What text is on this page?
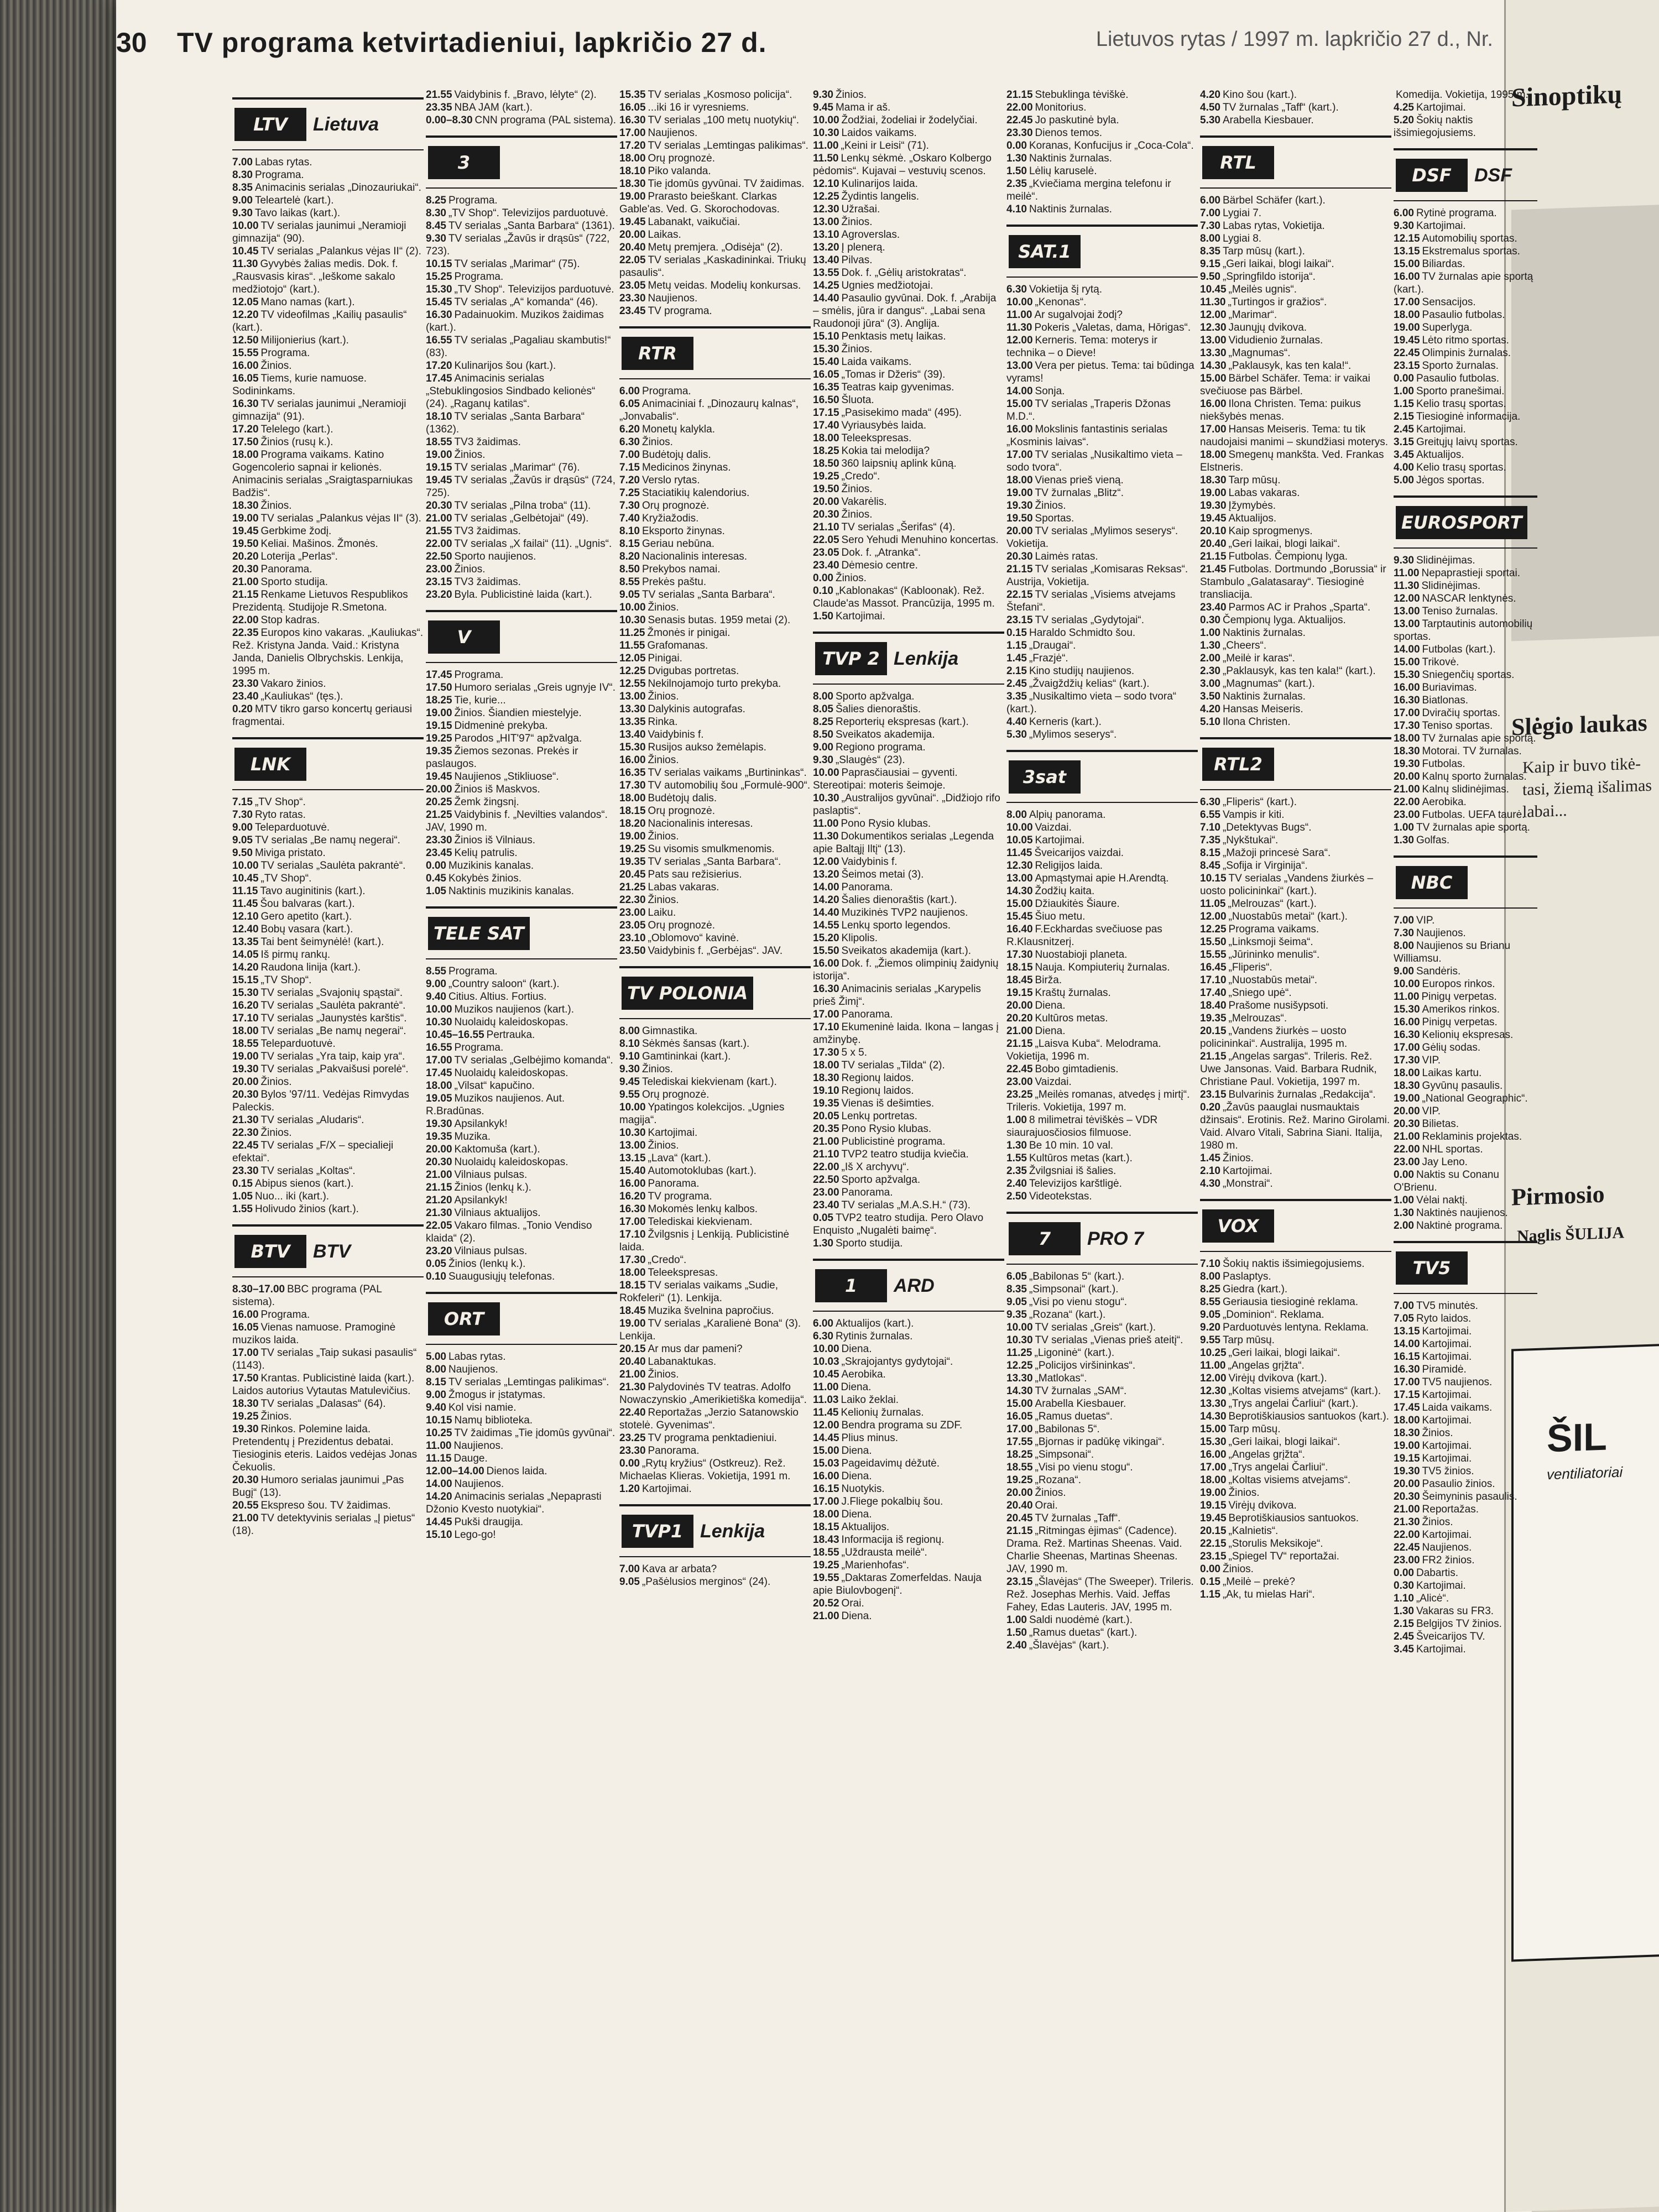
Sinoptikų
Slėgio laukas
Kaip ir buvo tikėtasi, žiemą išalimas labai...
Pirmosio
Naglis ŠULIJA
ŠIL
ventiliatoriai
30 TV programa ketvirtadieniui, lapkričio 27 d.	Lietuvos rytas / 1997 m. lapkričio 27 d., Nr.
LTV	Lietuva

7.00 Labas rytas.

8.30 Programa.

8.35 Animacinis serialas „Dinozauriukai“.

9.00 Teleartelė (kart.).

9.30 Tavo laikas (kart.).

10.00 TV serialas jaunimui „Neramioji gimnazija“ (90).

10.45 TV serialas „Palankus vėjas II“ (2).

11.30 Gyvybės žalias medis. Dok. f. „Rausvasis kiras“. „Ieškome sakalo medžiotojo“ (kart.).

12.05 Mano namas (kart.).

12.20 TV videofilmas „Kailių pasaulis“ (kart.).

12.50 Milijonierius (kart.).

15.55 Programa.

16.00 Žinios.

16.05 Tiems, kurie namuose. Sodininkams.

16.30 TV serialas jaunimui „Neramioji gimnazija“ (91).

17.20 Telelego (kart.).

17.50 Žinios (rusų k.).

18.00 Programa vaikams. Katino Gogencolerio sapnai ir kelionės. Animacinis serialas „Sraigtasparniukas Badžis“.

18.30 Žinios.

19.00 TV serialas „Palankus vėjas II“ (3).

19.45 Gerbkime žodį.

19.50 Keliai. Mašinos. Žmonės.

20.20 Loterija „Perlas“.

20.30 Panorama.

21.00 Sporto studija.

21.15 Renkame Lietuvos Respublikos Prezidentą. Studijoje R.Smetona.

22.00 Stop kadras.

22.35 Europos kino vakaras. „Kauliukas“. Rež. Kristyna Janda. Vaid.: Kristyna Janda, Danielis Olbrychskis. Lenkija, 1995 m.

23.30 Vakaro žinios.

23.40 „Kauliukas“ (tęs.).

0.20 MTV tikro garso koncertų geriausi fragmentai.

LNK

7.15 „TV Shop“.

7.30 Ryto ratas.

9.00 Teleparduotuvė.

9.05 TV serialas „Be namų negerai“.

9.50 Miviga pristato.

10.00 TV serialas „Saulėta pakrantė“.

10.45 „TV Shop“.

11.15 Tavo auginitinis (kart.).

11.45 Šou balvaras (kart.).

12.10 Gero apetito (kart.).

12.40 Bobų vasara (kart.).

13.35 Tai bent šeimynėlė! (kart.).

14.05 Iš pirmų rankų.

14.20 Raudona linija (kart.).

15.15 „TV Shop“.

15.30 TV serialas „Svajonių spąstai“.

16.20 TV serialas „Saulėta pakrantė“.

17.10 TV serialas „Jaunystės karštis“.

18.00 TV serialas „Be namų negerai“.

18.55 Teleparduotuvė.

19.00 TV serialas „Yra taip, kaip yra“.

19.30 TV serialas „Pakvaišusi porelė“.

20.00 Žinios.

20.30 Bylos '97/11. Vedėjas Rimvydas Paleckis.

21.30 TV serialas „Aludaris“.

22.30 Žinios.

22.45 TV serialas „F/X – specialieji efektai“.

23.30 TV serialas „Koltas“.

0.15 Abipus sienos (kart.).

1.05 Nuo... iki (kart.).

1.55 Holivudo žinios (kart.).

BTV	BTV

8.30–17.00 BBC programa (PAL sistema).

16.00 Programa.

16.05 Vienas namuose. Pramoginė muzikos laida.

17.00 TV serialas „Taip sukasi pasaulis“ (1143).

17.50 Krantas. Publicistinė laida (kart.). Laidos autorius Vytautas Matulevičius.

18.30 TV serialas „Dalasas“ (64).

19.25 Žinios.

19.30 Rinkos. Polemine laida. Pretendentų į Prezidentus debatai. Tiesioginis eteris. Laidos vedėjas Jonas Čekuolis.

20.30 Humoro serialas jaunimui „Pas Bugį“ (13).

20.55 Ekspreso šou. TV žaidimas.

21.00 TV detektyvinis serialas „Į pietus“ (18).

21.55 Vaidybinis f. „Bravo, lėlyte“ (2).

23.35 NBA JAM (kart.).

0.00–8.30 CNN programa (PAL sistema).

3

8.25 Programa.

8.30 „TV Shop“. Televizijos parduotuvė.

8.45 TV serialas „Santa Barbara“ (1361).

9.30 TV serialas „Žavūs ir drąsūs“ (722, 723).

10.15 TV serialas „Marimar“ (75).

15.25 Programa.

15.30 „TV Shop“. Televizijos parduotuvė.

15.45 TV serialas „A“ komanda“ (46).

16.30 Padainuokim. Muzikos žaidimas (kart.).

16.55 TV serialas „Pagaliau skambutis!“ (83).

17.20 Kulinarijos šou (kart.).

17.45 Animacinis serialas „Stebuklingosios Sindbado kelionės“ (24). „Raganų katilas“.

18.10 TV serialas „Santa Barbara“ (1362).

18.55 TV3 žaidimas.

19.00 Žinios.

19.15 TV serialas „Marimar“ (76).

19.45 TV serialas „Žavūs ir drąsūs“ (724, 725).

20.30 TV serialas „Pilna troba“ (11).

21.00 TV serialas „Gelbėtojai“ (49).

21.55 TV3 žaidimas.

22.00 TV serialas „X failai“ (11). „Ugnis“.

22.50 Sporto naujienos.

23.00 Žinios.

23.15 TV3 žaidimas.

23.20 Byla. Publicistinė laida (kart.).

V

17.45 Programa.

17.50 Humoro serialas „Greis ugnyje IV“.

18.25 Tie, kurie...

19.00 Žinios. Šiandien miestelyje.

19.15 Didmeninė prekyba.

19.25 Parodos „HIT'97“ apžvalga.

19.35 Žiemos sezonas. Prekės ir paslaugos.

19.45 Naujienos „Stikliuose“.

20.00 Žinios iš Maskvos.

20.25 Žemk žingsnį.

21.25 Vaidybinis f. „Nevilties valandos“. JAV, 1990 m.

23.30 Žinios iš Vilniaus.

23.45 Kelių patrulis.

0.00 Muzikinis kanalas.

0.45 Kokybės žinios.

1.05 Naktinis muzikinis kanalas.

TELE SAT

8.55 Programa.

9.00 „Country saloon“ (kart.).

9.40 Citius. Altius. Fortius.

10.00 Muzikos naujienos (kart.).

10.30 Nuolaidų kaleidoskopas.

10.45–16.55 Pertrauka.

16.55 Programa.

17.00 TV serialas „Gelbėjimo komanda“.

17.45 Nuolaidų kaleidoskopas.

18.00 „Vilsat“ kapučino.

19.05 Muzikos naujienos. Aut. R.Bradūnas.

19.30 Apsilankyk!

19.35 Muzika.

20.00 Kaktomuša (kart.).

20.30 Nuolaidų kaleidoskopas.

21.00 Vilniaus pulsas.

21.15 Žinios (lenkų k.).

21.20 Apsilankyk!

21.30 Vilniaus aktualijos.

22.05 Vakaro filmas. „Tonio Vendiso klaida“ (2).

23.20 Vilniaus pulsas.

0.05 Žinios (lenkų k.).

0.10 Suaugusiųjų telefonas.

ORT

5.00 Labas rytas.

8.00 Naujienos.

8.15 TV serialas „Lemtingas palikimas“.

9.00 Žmogus ir įstatymas.

9.40 Kol visi namie.

10.15 Namų biblioteka.

10.25 TV žaidimas „Tie įdomūs gyvūnai“.

11.00 Naujienos.

11.15 Dauge.

12.00–14.00 Dienos laida.

14.00 Naujienos.

14.20 Animacinis serialas „Nepaprasti Džonio Kvesto nuotykiai“.

14.45 Pukši draugija.

15.10 Lego-go!

15.35 TV serialas „Kosmoso policija“.

16.05 ...iki 16 ir vyresniems.

16.30 TV serialas „100 metų nuotykių“.

17.00 Naujienos.

17.20 TV serialas „Lemtingas palikimas“.

18.00 Orų prognozė.

18.10 Piko valanda.

18.30 Tie įdomūs gyvūnai. TV žaidimas.

19.00 Prarasto beieškant. Clarkas Gable'as. Ved. G. Skorochodovas.

19.45 Labanakt, vaikučiai.

20.00 Laikas.

20.40 Metų premjera. „Odisėja“ (2).

22.05 TV serialas „Kaskadininkai. Triukų pasaulis“.

23.05 Metų veidas. Modelių konkursas.

23.30 Naujienos.

23.45 TV programa.

RTR

6.00 Programa.

6.05 Animaciniai f. „Dinozaurų kalnas“, „Jonvabalis“.

6.20 Monetų kalykla.

6.30 Žinios.

7.00 Budėtojų dalis.

7.15 Medicinos žinynas.

7.20 Verslo rytas.

7.25 Staciatikių kalendorius.

7.30 Orų prognozė.

7.40 Kryžiažodis.

8.10 Eksporto žinynas.

8.15 Geriau nebūna.

8.20 Nacionalinis interesas.

8.50 Prekybos namai.

8.55 Prekės paštu.

9.05 TV serialas „Santa Barbara“.

10.00 Žinios.

10.30 Senasis butas. 1959 metai (2).

11.25 Žmonės ir pinigai.

11.55 Grafomanas.

12.05 Pinigai.

12.25 Dvigubas portretas.

12.55 Nekilnojamojo turto prekyba.

13.00 Žinios.

13.30 Dalykinis autografas.

13.35 Rinka.

13.40 Vaidybinis f.

15.30 Rusijos aukso žemėlapis.

16.00 Žinios.

16.35 TV serialas vaikams „Burtininkas“.

17.30 TV automobilių šou „Formulė-900“.

18.00 Budėtojų dalis.

18.15 Orų prognozė.

18.20 Nacionalinis interesas.

19.00 Žinios.

19.25 Su visomis smulkmenomis.

19.35 TV serialas „Santa Barbara“.

20.45 Pats sau režisierius.

21.25 Labas vakaras.

22.30 Žinios.

23.00 Laiku.

23.05 Orų prognozė.

23.10 „Oblomovo“ kavinė.

23.50 Vaidybinis f. „Gerbėjas“. JAV.

TV POLONIA

8.00 Gimnastika.

8.10 Sėkmės šansas (kart.).

9.10 Gamtininkai (kart.).

9.30 Žinios.

9.45 Telediskai kiekvienam (kart.).

9.55 Orų prognozė.

10.00 Ypatingos kolekcijos. „Ugnies magija“.

10.30 Kartojimai.

13.00 Žinios.

13.15 „Lava“ (kart.).

15.40 Automotoklubas (kart.).

16.00 Panorama.

16.20 TV programa.

16.30 Mokomės lenkų kalbos.

17.00 Telediskai kiekvienam.

17.10 Žvilgsnis į Lenkiją. Publicistinė laida.

17.30 „Credo“.

18.00 Teleekspresas.

18.15 TV serialas vaikams „Sudie, Rokfeleri“ (1). Lenkija.

18.45 Muzika švelnina papročius.

19.00 TV serialas „Karalienė Bona“ (3). Lenkija.

20.15 Ar mus dar pameni?

20.40 Labanaktukas.

21.00 Žinios.

21.30 Palydovinės TV teatras. Adolfo Nowaczynskio „Amerikietiška komedija“.

22.40 Reportažas „Jerzio Satanowskio stotelė. Gyvenimas“.

23.25 TV programa penktadieniui.

23.30 Panorama.

0.00 „Rytų kryžius“ (Ostkreuz). Rež. Michaelas Klieras. Vokietija, 1991 m.

1.20 Kartojimai.

TVP1 Lenkija

7.00 Kava ar arbata?

9.05 „Pašėlusios merginos“ (24).

9.30 Žinios.

9.45 Mama ir aš.

10.00 Žodžiai, žodeliai ir žodelyčiai.

10.30 Laidos vaikams.

11.00 „Keini ir Leisi“ (71).

11.50 Lenkų sėkmė. „Oskaro Kolbergo pėdomis“. Kujavai – vestuvių scenos.

12.10 Kulinarijos laida.

12.25 Žydintis langelis.

12.30 Užrašai.

13.00 Žinios.

13.10 Agroverslas.

13.20 Į plenerą.

13.40 Pilvas.

13.55 Dok. f. „Gėlių aristokratas“.

14.25 Ugnies medžiotojai.

14.40 Pasaulio gyvūnai. Dok. f. „Arabija – smėlis, jūra ir dangus“. „Labai sena Raudonoji jūra“ (3). Anglija.

15.10 Penktasis metų laikas.

15.30 Žinios.

15.40 Laida vaikams.

16.05 „Tomas ir Džeris“ (39).

16.35 Teatras kaip gyvenimas.

16.50 Šluota.

17.15 „Pasisekimo mada“ (495).

17.40 Vyriausybės laida.

18.00 Teleekspresas.

18.25 Kokia tai melodija?

18.50 360 laipsnių aplink kūną.

19.25 „Credo“.

19.50 Žinios.

20.00 Vakarėlis.

20.30 Žinios.

21.10 TV serialas „Šerifas“ (4).

22.05 Sero Yehudi Menuhino koncertas.

23.05 Dok. f. „Atranka“.

23.40 Dėmesio centre.

0.00 Žinios.

0.10 „Kablonakas“ (Kabloonak). Rež. Claude'as Massot. Prancūzija, 1995 m.

1.50 Kartojimai.

TVP 2 Lenkija

8.00 Sporto apžvalga.

8.05 Šalies dienoraštis.

8.25 Reporterių ekspresas (kart.).

8.50 Sveikatos akademija.

9.00 Regiono programa.

9.30 „Slaugės“ (23).

10.00 Paprasčiausiai – gyventi. Stereotipai: moteris šeimoje.

10.30 „Australijos gyvūnai“. „Didžiojo rifo paslaptis“.

11.00 Pono Rysio klubas.

11.30 Dokumentikos serialas „Legenda apie Baltąjį Iltį“ (13).

12.00 Vaidybinis f.

13.20 Šeimos metai (3).

14.00 Panorama.

14.20 Šalies dienoraštis (kart.).

14.40 Muzikinės TVP2 naujienos.

14.55 Lenkų sporto legendos.

15.20 Klipolis.

15.50 Sveikatos akademija (kart.).

16.00 Dok. f. „Žiemos olimpinių žaidynių istorija“.

16.30 Animacinis serialas „Karypelis prieš Žimį“.

17.00 Panorama.

17.10 Ekumeninė laida. Ikona – langas į amžinybę.

17.30 5 x 5.

18.00 TV serialas „Tilda“ (2).

18.30 Regionų laidos.

19.10 Regionų laidos.

19.35 Vienas iš dešimties.

20.05 Lenkų portretas.

20.35 Pono Rysio klubas.

21.00 Publicistinė programa.

21.10 TVP2 teatro studija kviečia.

22.00 „Iš X archyvų“.

22.50 Sporto apžvalga.

23.00 Panorama.

23.40 TV serialas „M.A.S.H.“ (73).

0.05 TVP2 teatro studija. Pero Olavo Enquisto „Nugalėti baimę“.

1.30 Sporto studija.

1	ARD

6.00 Aktualijos (kart.).

6.30 Rytinis žurnalas.

10.00 Diena.

10.03 „Skrajojantys gydytojai“.

10.45 Aerobika.

11.00 Diena.

11.03 Laiko žeklai.

11.45 Kelionių žurnalas.

12.00 Bendra programa su ZDF.

14.45 Plius minus.

15.00 Diena.

15.03 Pageidavimų dėžutė.

16.00 Diena.

16.15 Nuotykis.

17.00 J.Fliege pokalbių šou.

18.00 Diena.

18.15 Aktualijos.

18.43 Informacija iš regionų.

18.55 „Uždrausta meilė“.

19.25 „Marienhofas“.

19.55 „Daktaras Zomerfeldas. Nauja apie Biulovbogenį“.

20.52 Orai.

21.00 Diena.

21.15 Stebuklinga tėviškė.

22.00 Monitorius.

22.45 Jo paskutinė byla.

23.30 Dienos temos.

0.00 Koranas, Konfucijus ir „Coca-Cola“.

1.30 Naktinis žurnalas.

1.50 Lėlių karuselė.

2.35 „Kviečiama mergina telefonu ir meilė“.

4.10 Naktinis žurnalas.

SAT.1

6.30 Vokietija šį rytą.

10.00 „Kenonas“.

11.00 Ar sugalvojai žodį?

11.30 Pokeris „Valetas, dama, Hōrigas“.

12.00 Kerneris. Tema: moterys ir technika – o Dieve!

13.00 Vera per pietus. Tema: tai būdinga vyrams!

14.00 Sonja.

15.00 TV serialas „Traperis Džonas M.D.“.

16.00 Mokslinis fantastinis serialas „Kosminis laivas“.

17.00 TV serialas „Nusikaltimo vieta – sodo tvora“.

18.00 Vienas prieš vieną.

19.00 TV žurnalas „Blitz“.

19.30 Žinios.

19.50 Sportas.

20.00 TV serialas „Mylimos seserys“. Vokietija.

20.30 Laimės ratas.

21.15 TV serialas „Komisaras Reksas“. Austrija, Vokietija.

22.15 TV serialas „Visiems atvejams Štefani“.

23.15 TV serialas „Gydytojai“.

0.15 Haraldo Schmidto šou.

1.15 „Draugai“.

1.45 „Frazjė“.

2.15 Kino studijų naujienos.

2.45 „Žvaigždžių kelias“ (kart.).

3.35 „Nusikaltimo vieta – sodo tvora“ (kart.).

4.40 Kerneris (kart.).

5.30 „Mylimos seserys“.

3sat

8.00 Alpių panorama.

10.00 Vaizdai.

10.05 Kartojimai.

11.45 Šveicarijos vaizdai.

12.30 Religijos laida.

13.00 Apmąstymai apie H.Arendtą.

14.30 Žodžių kaita.

15.00 Džiaukitės Šiaure.

15.45 Šiuo metu.

16.40 F.Eckhardas svečiuose pas R.Klausnitzerį.

17.30 Nuostabioji planeta.

18.15 Nauja. Kompiuterių žurnalas.

18.45 Birža.

19.15 Kraštų žurnalas.

20.00 Diena.

20.20 Kultūros metas.

21.00 Diena.

21.15 „Laisva Kuba“. Melodrama. Vokietija, 1996 m.

22.45 Bobo gimtadienis.

23.00 Vaizdai.

23.25 „Meilės romanas, atvedęs į mirtį“. Trileris. Vokietija, 1997 m.

1.00 8 milimetrai tėviškės – VDR siaurajuosčiosios filmuose.

1.30 Be 10 min. 10 val.

1.55 Kultūros metas (kart.).

2.35 Žvilgsniai iš šalies.

2.40 Televizijos karštligė.

2.50 Videotekstas.

7	PRO 7

6.05 „Babilonas 5“ (kart.).

8.35 „Simpsonai“ (kart.).

9.05 „Visi po vienu stogu“.

9.35 „Rozana“ (kart.).

10.00 TV serialas „Greis“ (kart.).

10.30 TV serialas „Vienas prieš ateitį“.

11.25 „Ligoninė“ (kart.).

12.25 „Policijos viršininkas“.

13.30 „Matlokas“.

14.30 TV žurnalas „SAM“.

15.00 Arabella Kiesbauer.

16.05 „Ramus duetas“.

17.00 „Babilonas 5“.

17.55 „Bjornas ir padūkę vikingai“.

18.25 „Simpsonai“.

18.55 „Visi po vienu stogu“.

19.25 „Rozana“.

20.00 Žinios.

20.40 Orai.

20.45 TV žurnalas „Taff“.

21.15 „Ritmingas ėjimas“ (Cadence). Drama. Rež. Martinas Sheenas. Vaid. Charlie Sheenas, Martinas Sheenas. JAV, 1990 m.

23.15 „Šlavėjas“ (The Sweeper). Trileris. Rež. Josephas Merhis. Vaid. Jeffas Fahey, Edas Lauteris. JAV, 1995 m.

1.00 Saldi nuodėmė (kart.).

1.50 „Ramus duetas“ (kart.).

2.40 „Šlavėjas“ (kart.).

4.20 Kino šou (kart.).

4.50 TV žurnalas „Taff“ (kart.).

5.30 Arabella Kiesbauer.

RTL

6.00 Bärbel Schäfer (kart.).

7.00 Lygiai 7.

7.30 Labas rytas, Vokietija.

8.00 Lygiai 8.

8.35 Tarp mūsų (kart.).

9.15 „Geri laikai, blogi laikai“.

9.50 „Springfildo istorija“.

10.45 „Meilės ugnis“.

11.30 „Turtingos ir gražios“.

12.00 „Marimar“.

12.30 Jaunųjų dvikova.

13.00 Vidudienio žurnalas.

13.30 „Magnumas“.

14.30 „Paklausyk, kas ten kala!“.

15.00 Bärbel Schäfer. Tema: ir vaikai svečiuose pas Bärbel.

16.00 Ilona Christen. Tema: puikus niekšybės menas.

17.00 Hansas Meiseris. Tema: tu tik naudojaisi manimi – skundžiasi moterys.

18.00 Smegenų mankšta. Ved. Frankas Elstneris.

18.30 Tarp mūsų.

19.00 Labas vakaras.

19.30 Įžymybės.

19.45 Aktualijos.

20.10 Kaip sprogmenys.

20.40 „Geri laikai, blogi laikai“.

21.15 Futbolas. Čempionų lyga.

21.45 Futbolas. Dortmundo „Borussia“ ir Stambulo „Galatasaray“. Tiesioginė transliacija.

23.40 Parmos AC ir Prahos „Sparta“.

0.30 Čempionų lyga. Aktualijos.

1.00 Naktinis žurnalas.

1.30 „Cheers“.

2.00 „Meilė ir karas“.

2.30 „Paklausyk, kas ten kala!“ (kart.).

3.00 „Magnumas“ (kart.).

3.50 Naktinis žurnalas.

4.20 Hansas Meiseris.

5.10 Ilona Christen.

RTL2

6.30 „Fliperis“ (kart.).

6.55 Vampis ir kiti.

7.10 „Detektyvas Bugs“.

7.35 „Nykštukai“.

8.15 „Mažoji princesė Sara“.

8.45 „Sofija ir Virginija“.

10.15 TV serialas „Vandens žiurkės – uosto policininkai“ (kart.).

11.05 „Melrouzas“ (kart.).

12.00 „Nuostabūs metai“ (kart.).

12.25 Programa vaikams.

15.50 „Linksmoji šeima“.

15.55 „Jūrininko menulis“.

16.45 „Fliperis“.

17.10 „Nuostabūs metai“.

17.40 „Sniego upė“.

18.40 Prašome nusišypsoti.

19.35 „Melrouzas“.

20.15 „Vandens žiurkės – uosto policininkai“. Australija, 1995 m.

21.15 „Angelas sargas“. Trileris. Rež. Uwe Jansonas. Vaid. Barbara Rudnik, Christiane Paul. Vokietija, 1997 m.

23.15 Bulvarinis žurnalas „Redakcija“.

0.20 „Žavūs paauglai nusmauktais džinsais“. Erotinis. Rež. Marino Girolami. Vaid. Alvaro Vitali, Sabrina Siani. Italija, 1980 m.

1.45 Žinios.

2.10 Kartojimai.

4.30 „Monstrai“.

VOX

7.10 Šokių naktis išsimiegojusiems.

8.00 Paslaptys.

8.25 Giedra (kart.).

8.55 Geriausia tiesioginė reklama.

9.05 „Dominion“. Reklama.

9.20 Parduotuvės lentyna. Reklama.

9.55 Tarp mūsų.

10.25 „Geri laikai, blogi laikai“.

11.00 „Angelas grįžta“.

12.00 Virėjų dvikova (kart.).

12.30 „Koltas visiems atvejams“ (kart.).

13.30 „Trys angelai Čarliui“ (kart.).

14.30 Beprotiškiausios santuokos (kart.).

15.00 Tarp mūsų.

15.30 „Geri laikai, blogi laikai“.

16.00 „Angelas grįžta“.

17.00 „Trys angelai Čarliui“.

18.00 „Koltas visiems atvejams“.

19.00 Žinios.

19.15 Virėjų dvikova.

19.45 Beprotiškiausios santuokos.

20.15 „Kalnietis“.

22.15 „Storulis Meksikoje“.

23.15 „Spiegel TV“ reportažai.

0.00 Žinios.

0.15 „Meilė – prekė?

1.15 „Ak, tu mielas Hari“.

Komedija. Vokietija, 1995 m.

4.25 Kartojimai.

5.20 Šokių naktis išsimiegojusiems.

DSF	DSF

6.00 Rytinė programa.

9.30 Kartojimai.

12.15 Automobilių sportas.

13.15 Ekstremalus sportas.

15.00 Biliardas.

16.00 TV žurnalas apie sportą (kart.).

17.00 Sensacijos.

18.00 Pasaulio futbolas.

19.00 Superlyga.

19.45 Lėto ritmo sportas.

22.45 Olimpinis žurnalas.

23.15 Sporto žurnalas.

0.00 Pasaulio futbolas.

1.00 Sporto pranešimai.

1.15 Kelio trasų sportas.

2.15 Tiesioginė informacija.

2.45 Kartojimai.

3.15 Greitųjų laivų sportas.

3.45 Aktualijos.

4.00 Kelio trasų sportas.

5.00 Jėgos sportas.

EUROSPORT

9.30 Slidinėjimas.

11.00 Nepaprastieji sportai.

11.30 Slidinėjimas.

12.00 NASCAR lenktynės.

13.00 Teniso žurnalas.

13.00 Tarptautinis automobilių sportas.

14.00 Futbolas (kart.).

15.00 Trikovė.

15.30 Sniegenčių sportas.

16.00 Buriavimas.

16.30 Biatlonas.

17.00 Dviračių sportas.

17.30 Teniso sportas.

18.00 TV žurnalas apie sportą.

18.30 Motorai. TV žurnalas.

19.30 Futbolas.

20.00 Kalnų sporto žurnalas.

21.00 Kalnų slidinėjimas.

22.00 Aerobika.

23.00 Futbolas. UEFA taurė.

1.00 TV žurnalas apie sportą.

1.30 Golfas.

NBC

7.00 VIP.

7.30 Naujienos.

8.00 Naujienos su Brianu Williamsu.

9.00 Sandėris.

10.00 Europos rinkos.

11.00 Pinigų verpetas.

15.30 Amerikos rinkos.

16.00 Pinigų verpetas.

16.30 Kelionių ekspresas.

17.00 Gėlių sodas.

17.30 VIP.

18.00 Laikas kartu.

18.30 Gyvūnų pasaulis.

19.00 „National Geographic“.

20.00 VIP.

20.30 Bilietas.

21.00 Reklaminis projektas.

22.00 NHL sportas.

23.00 Jay Leno.

0.00 Naktis su Conanu O'Brienu.

1.00 Vėlai naktį.

1.30 Naktinės naujienos.

2.00 Naktinė programa.

TV5

7.00 TV5 minutės.

7.05 Ryto laidos.

13.15 Kartojimai.

14.00 Kartojimai.

16.15 Kartojimai.

16.30 Piramidė.

17.00 TV5 naujienos.

17.15 Kartojimai.

17.45 Laida vaikams.

18.00 Kartojimai.

18.30 Žinios.

19.00 Kartojimai.

19.15 Kartojimai.

19.30 TV5 žinios.

20.00 Pasaulio žinios.

20.30 Šeimyninis pasaulis.

21.00 Reportažas.

21.30 Žinios.

22.00 Kartojimai.

22.45 Naujienos.

23.00 FR2 žinios.

0.00 Dabartis.

0.30 Kartojimai.

1.10 „Alicė“.

1.30 Vakaras su FR3.

2.15 Belgijos TV žinios.

2.45 Šveicarijos TV.

3.45 Kartojimai.
